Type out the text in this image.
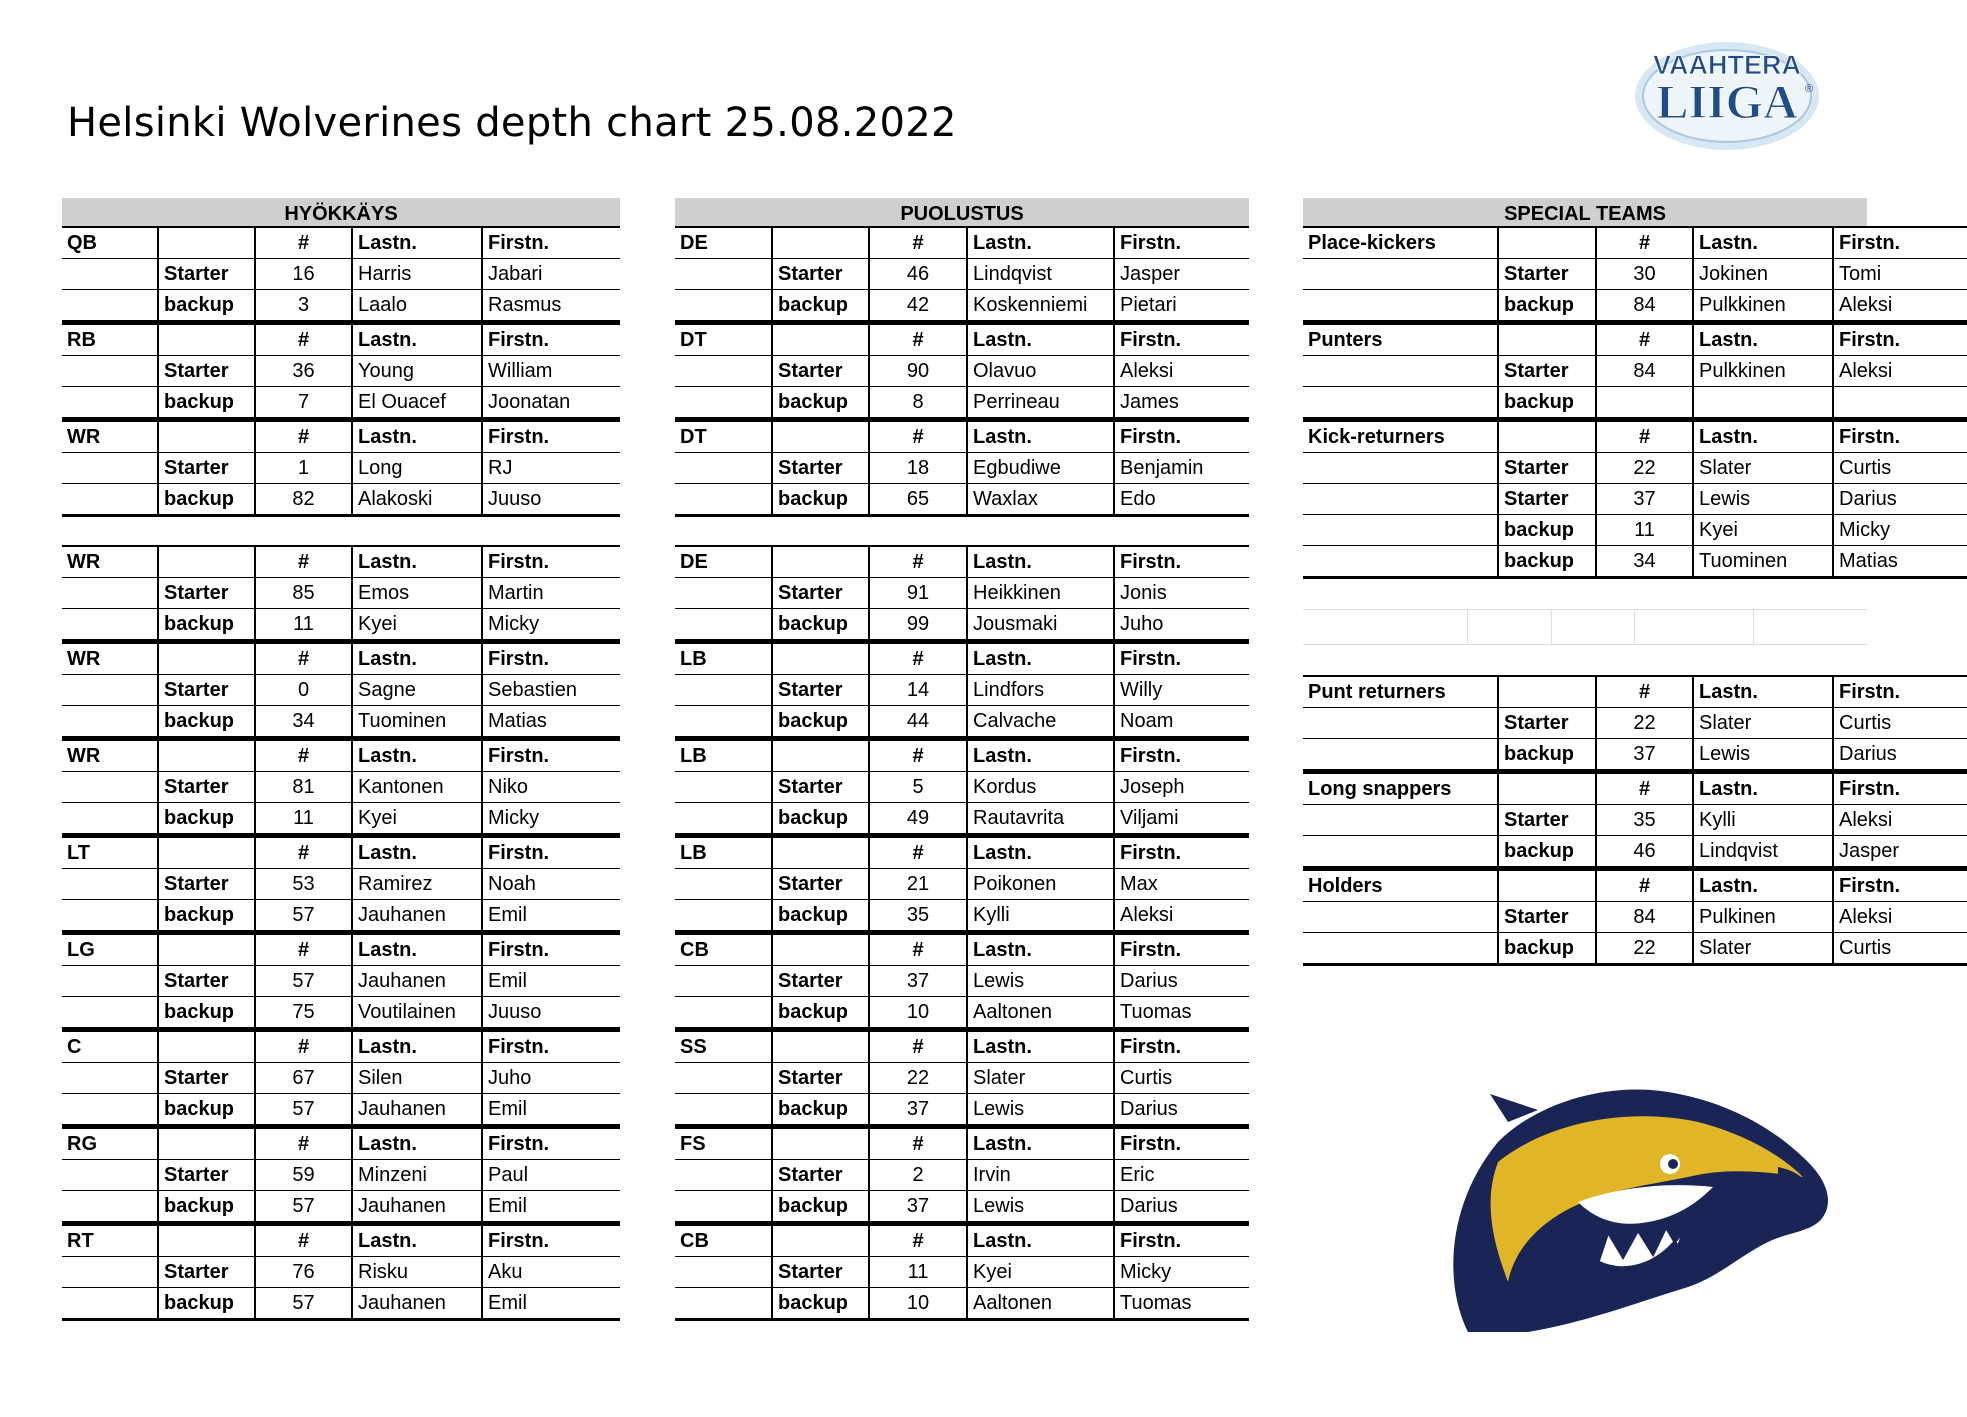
Helsinki Wolverines depth chart 25.08.2022
VAAHTERA
LIIGA ®
HYÖKKÄYS
QB		#	Lastn.	Firstn.
	Starter	16	Harris	Jabari
	backup	3	Laalo	Rasmus
RB		#	Lastn.	Firstn.
	Starter	36	Young	William
	backup	7	El Ouacef	Joonatan
WR		#	Lastn.	Firstn.
	Starter	1	Long	RJ
	backup	82	Alakoski	Juuso
WR		#	Lastn.	Firstn.
	Starter	85	Emos	Martin
	backup	11	Kyei	Micky
WR		#	Lastn.	Firstn.
	Starter	0	Sagne	Sebastien
	backup	34	Tuominen	Matias
WR		#	Lastn.	Firstn.
	Starter	81	Kantonen	Niko
	backup	11	Kyei	Micky
LT		#	Lastn.	Firstn.
	Starter	53	Ramirez	Noah
	backup	57	Jauhanen	Emil
LG		#	Lastn.	Firstn.
	Starter	57	Jauhanen	Emil
	backup	75	Voutilainen	Juuso
C		#	Lastn.	Firstn.
	Starter	67	Silen	Juho
	backup	57	Jauhanen	Emil
RG		#	Lastn.	Firstn.
	Starter	59	Minzeni	Paul
	backup	57	Jauhanen	Emil
RT		#	Lastn.	Firstn.
	Starter	76	Risku	Aku
	backup	57	Jauhanen	Emil
PUOLUSTUS
DE		#	Lastn.	Firstn.
	Starter	46	Lindqvist	Jasper
	backup	42	Koskenniemi	Pietari
DT		#	Lastn.	Firstn.
	Starter	90	Olavuo	Aleksi
	backup	8	Perrineau	James
DT		#	Lastn.	Firstn.
	Starter	18	Egbudiwe	Benjamin
	backup	65	Waxlax	Edo
DE		#	Lastn.	Firstn.
	Starter	91	Heikkinen	Jonis
	backup	99	Jousmaki	Juho
LB		#	Lastn.	Firstn.
	Starter	14	Lindfors	Willy
	backup	44	Calvache	Noam
LB		#	Lastn.	Firstn.
	Starter	5	Kordus	Joseph
	backup	49	Rautavrita	Viljami
LB		#	Lastn.	Firstn.
	Starter	21	Poikonen	Max
	backup	35	Kylli	Aleksi
CB		#	Lastn.	Firstn.
	Starter	37	Lewis	Darius
	backup	10	Aaltonen	Tuomas
SS		#	Lastn.	Firstn.
	Starter	22	Slater	Curtis
	backup	37	Lewis	Darius
FS		#	Lastn.	Firstn.
	Starter	2	Irvin	Eric
	backup	37	Lewis	Darius
CB		#	Lastn.	Firstn.
	Starter	11	Kyei	Micky
	backup	10	Aaltonen	Tuomas
SPECIAL TEAMS
Place-kickers		#	Lastn.	Firstn.
	Starter	30	Jokinen	Tomi
	backup	84	Pulkkinen	Aleksi
Punters		#	Lastn.	Firstn.
	Starter	84	Pulkkinen	Aleksi
	backup			
Kick-returners		#	Lastn.	Firstn.
	Starter	22	Slater	Curtis
	Starter	37	Lewis	Darius
	backup	11	Kyei	Micky
	backup	34	Tuominen	Matias
Punt returners		#	Lastn.	Firstn.
	Starter	22	Slater	Curtis
	backup	37	Lewis	Darius
Long snappers		#	Lastn.	Firstn.
	Starter	35	Kylli	Aleksi
	backup	46	Lindqvist	Jasper
Holders		#	Lastn.	Firstn.
	Starter	84	Pulkinen	Aleksi
	backup	22	Slater	Curtis
